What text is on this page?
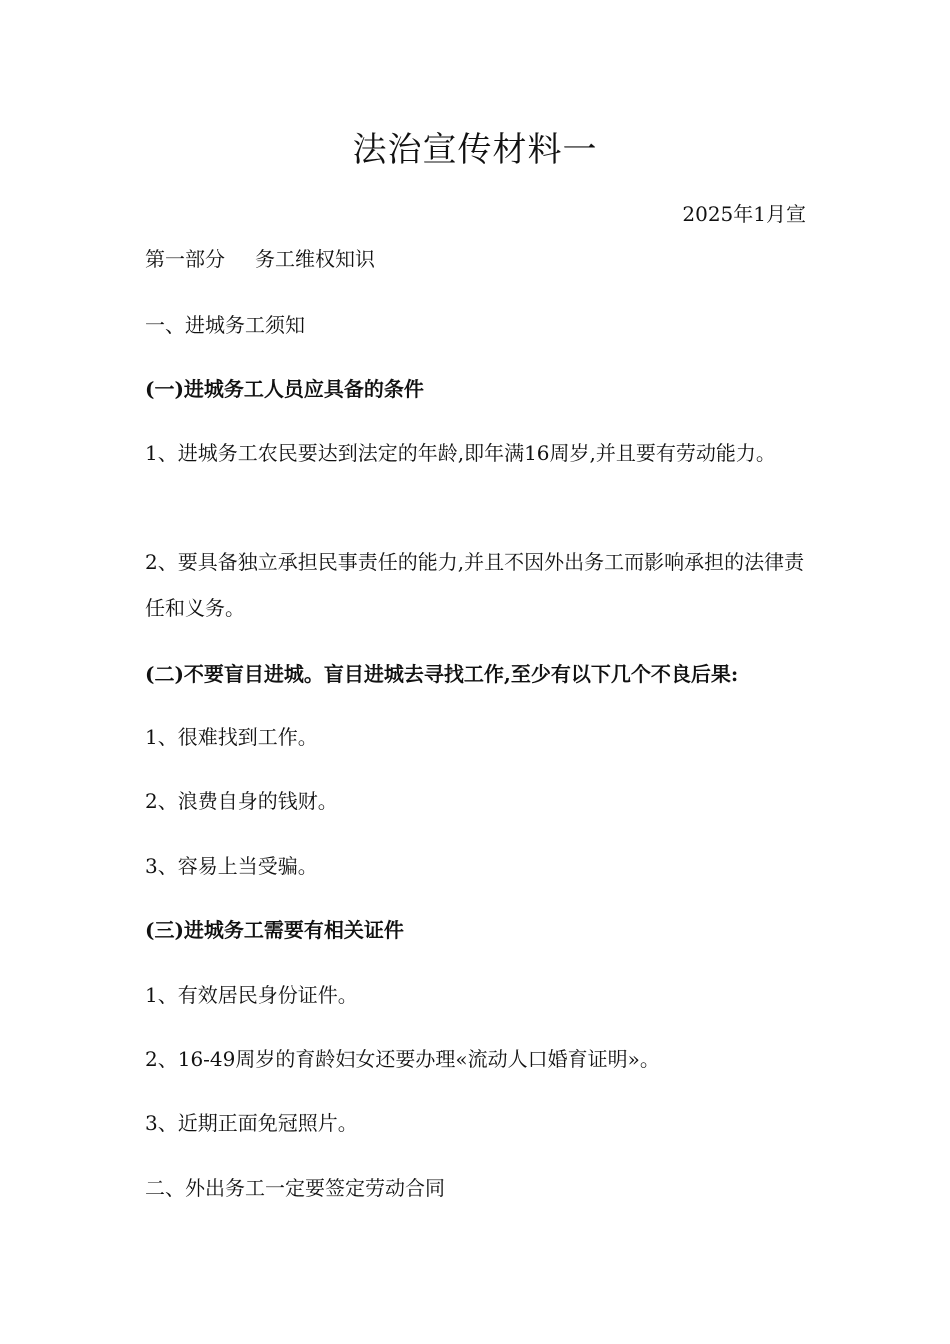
法治宣传材料一
2025年1月宣
第一部分 务工维权知识
一、进城务工须知
(一)进城务工人员应具备的条件
1、进城务工农民要达到法定的年龄,即年满16周岁,并且要有劳动能力。
2、要具备独立承担民事责任的能力,并且不因外出务工而影响承担的法律责任和义务。
(二)不要盲目进城。盲目进城去寻找工作,至少有以下几个不良后果:
1、很难找到工作。
2、浪费自身的钱财。
3、容易上当受骗。
(三)进城务工需要有相关证件
1、有效居民身份证件。
2、16-49周岁的育龄妇女还要办理«流动人口婚育证明»。
3、近期正面免冠照片。
二、外出务工一定要签定劳动合同
